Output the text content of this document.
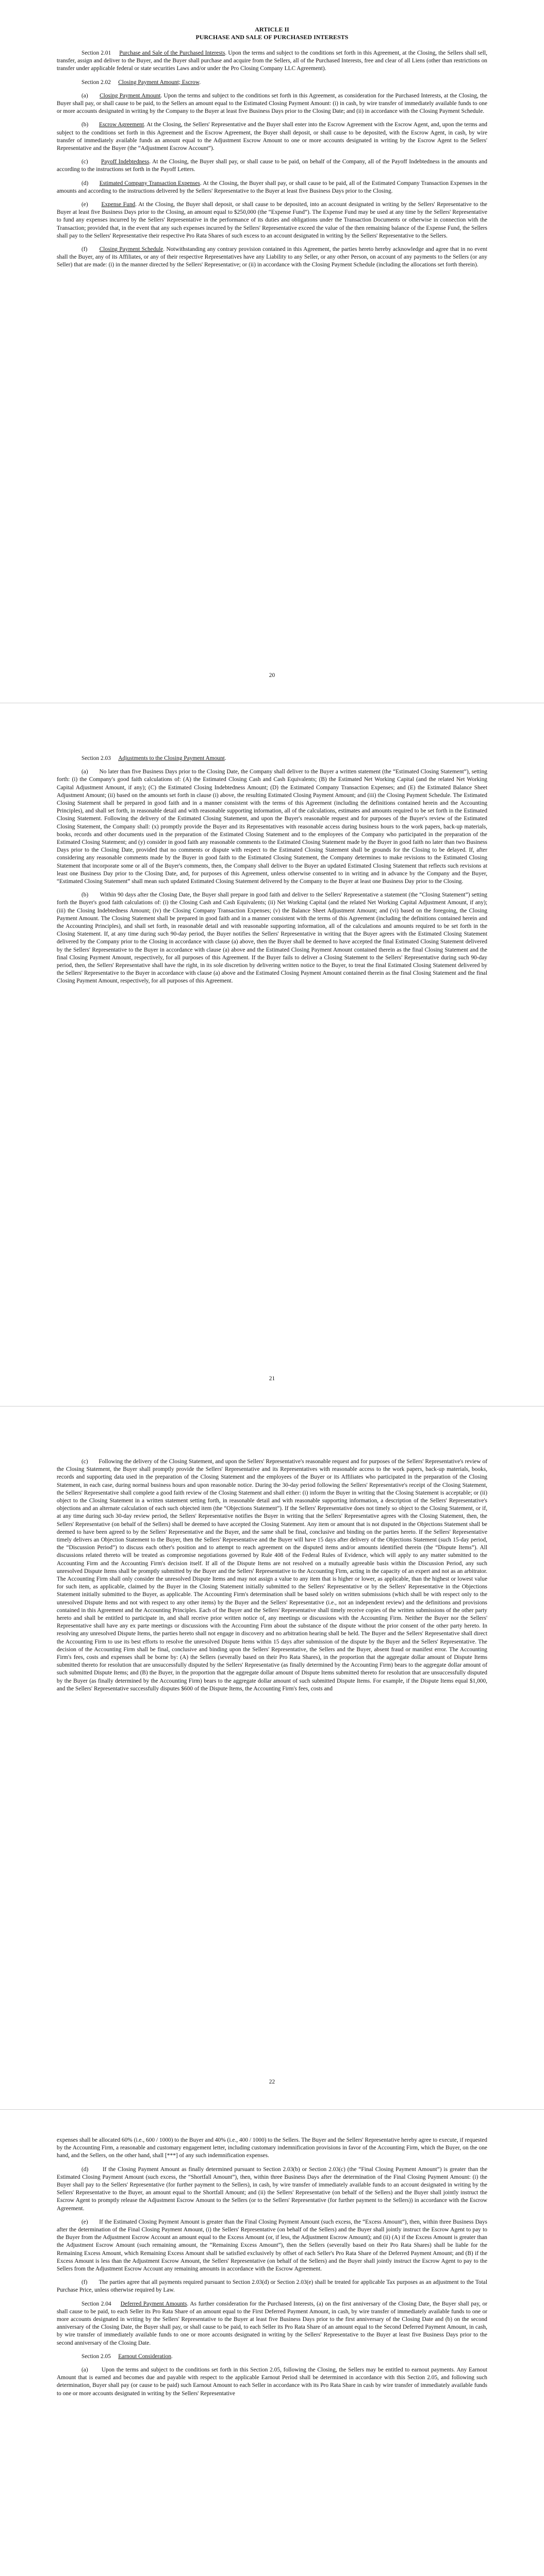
ARTICLE II
PURCHASE AND SALE OF PURCHASED INTERESTS

Section 2.01 Purchase and Sale of the Purchased Interests. Upon the terms and subject to the conditions set forth in this Agreement, at the Closing, the Sellers shall sell, transfer, assign and deliver to the Buyer, and the Buyer shall purchase and acquire from the Sellers, all of the Purchased Interests, free and clear of all Liens (other than restrictions on transfer under applicable federal or state securities Laws and/or under the Pro Closing Company LLC Agreement).

Section 2.02 Closing Payment Amount; Escrow.

(a) Closing Payment Amount. Upon the terms and subject to the conditions set forth in this Agreement, as consideration for the Purchased Interests, at the Closing, the Buyer shall pay, or shall cause to be paid, to the Sellers an amount equal to the Estimated Closing Payment Amount: (i) in cash, by wire transfer of immediately available funds to one or more accounts designated in writing by the Company to the Buyer at least five Business Days prior to the Closing Date; and (ii) in accordance with the Closing Payment Schedule.

(b) Escrow Agreement. At the Closing, the Sellers' Representative and the Buyer shall enter into the Escrow Agreement with the Escrow Agent, and, upon the terms and subject to the conditions set forth in this Agreement and the Escrow Agreement, the Buyer shall deposit, or shall cause to be deposited, with the Escrow Agent, in cash, by wire transfer of immediately available funds an amount equal to the Adjustment Escrow Amount to one or more accounts designated in writing by the Escrow Agent to the Sellers' Representative and the Buyer (the “Adjustment Escrow Account”).

(c) Payoff Indebtedness. At the Closing, the Buyer shall pay, or shall cause to be paid, on behalf of the Company, all of the Payoff Indebtedness in the amounts and according to the instructions set forth in the Payoff Letters.

(d) Estimated Company Transaction Expenses. At the Closing, the Buyer shall pay, or shall cause to be paid, all of the Estimated Company Transaction Expenses in the amounts and according to the instructions delivered by the Sellers' Representative to the Buyer at least five Business Days prior to the Closing.

(e) Expense Fund. At the Closing, the Buyer shall deposit, or shall cause to be deposited, into an account designated in writing by the Sellers' Representative to the Buyer at least five Business Days prior to the Closing, an amount equal to $250,000 (the “Expense Fund”). The Expense Fund may be used at any time by the Sellers' Representative to fund any expenses incurred by the Sellers' Representative in the performance of its duties and obligations under the Transaction Documents or otherwise in connection with the Transaction; provided that, in the event that any such expenses incurred by the Sellers' Representative exceed the value of the then remaining balance of the Expense Fund, the Sellers shall pay to the Sellers' Representative their respective Pro Rata Shares of such excess to an account designated in writing by the Sellers' Representative to the Sellers.

(f) Closing Payment Schedule. Notwithstanding any contrary provision contained in this Agreement, the parties hereto hereby acknowledge and agree that in no event shall the Buyer, any of its Affiliates, or any of their respective Representatives have any Liability to any Seller, or any other Person, on account of any payments to the Sellers (or any Seller) that are made: (i) in the manner directed by the Sellers' Representative; or (ii) in accordance with the Closing Payment Schedule (including the allocations set forth therein).

20

Section 2.03 Adjustments to the Closing Payment Amount.

(a) No later than five Business Days prior to the Closing Date, the Company shall deliver to the Buyer a written statement (the “Estimated Closing Statement”), setting forth: (i) the Company's good faith calculations of: (A) the Estimated Closing Cash and Cash Equivalents; (B) the Estimated Net Working Capital (and the related Net Working Capital Adjustment Amount, if any); (C) the Estimated Closing Indebtedness Amount; (D) the Estimated Company Transaction Expenses; and (E) the Estimated Balance Sheet Adjustment Amount; (ii) based on the amounts set forth in clause (i) above, the resulting Estimated Closing Payment Amount; and (iii) the Closing Payment Schedule. The Estimated Closing Statement shall be prepared in good faith and in a manner consistent with the terms of this Agreement (including the definitions contained herein and the Accounting Principles), and shall set forth, in reasonable detail and with reasonable supporting information, all of the calculations, estimates and amounts required to be set forth in the Estimated Closing Statement. Following the delivery of the Estimated Closing Statement, and upon the Buyer's reasonable request and for purposes of the Buyer's review of the Estimated Closing Statement, the Company shall: (x) promptly provide the Buyer and its Representatives with reasonable access during business hours to the work papers, back-up materials, books, records and other documents used in the preparation of the Estimated Closing Statement and to the employees of the Company who participated in the preparation of the Estimated Closing Statement; and (y) consider in good faith any reasonable comments to the Estimated Closing Statement made by the Buyer in good faith no later than two Business Days prior to the Closing Date, provided that no comments or dispute with respect to the Estimated Closing Statement shall be grounds for the Closing to be delayed. If, after considering any reasonable comments made by the Buyer in good faith to the Estimated Closing Statement, the Company determines to make revisions to the Estimated Closing Statement that incorporate some or all of the Buyer's comments, then, the Company shall deliver to the Buyer an updated Estimated Closing Statement that reflects such revisions at least one Business Day prior to the Closing Date, and, for purposes of this Agreement, unless otherwise consented to in writing and in advance by the Company and the Buyer, “Estimated Closing Statement” shall mean such updated Estimated Closing Statement delivered by the Company to the Buyer at least one Business Day prior to the Closing.

(b) Within 90 days after the Closing Date, the Buyer shall prepare in good faith and deliver to the Sellers' Representative a statement (the “Closing Statement”) setting forth the Buyer's good faith calculations of: (i) the Closing Cash and Cash Equivalents; (ii) Net Working Capital (and the related Net Working Capital Adjustment Amount, if any); (iii) the Closing Indebtedness Amount; (iv) the Closing Company Transaction Expenses; (v) the Balance Sheet Adjustment Amount; and (vi) based on the foregoing, the Closing Payment Amount. The Closing Statement shall be prepared in good faith and in a manner consistent with the terms of this Agreement (including the definitions contained herein and the Accounting Principles), and shall set forth, in reasonable detail and with reasonable supporting information, all of the calculations and amounts required to be set forth in the Closing Statement. If, at any time during such 90-day period, the Buyer notifies the Sellers' Representative in writing that the Buyer agrees with the Estimated Closing Statement delivered by the Company prior to the Closing in accordance with clause (a) above, then the Buyer shall be deemed to have accepted the final Estimated Closing Statement delivered by the Sellers' Representative to the Buyer in accordance with clause (a) above and the Estimated Closing Payment Amount contained therein as the final Closing Statement and the final Closing Payment Amount, respectively, for all purposes of this Agreement. If the Buyer fails to deliver a Closing Statement to the Sellers' Representative during such 90-day period, then, the Sellers' Representative shall have the right, in its sole discretion by delivering written notice to the Buyer, to treat the final Estimated Closing Statement delivered by the Sellers' Representative to the Buyer in accordance with clause (a) above and the Estimated Closing Payment Amount contained therein as the final Closing Statement and the final Closing Payment Amount, respectively, for all purposes of this Agreement.

21

(c) Following the delivery of the Closing Statement, and upon the Sellers' Representative's reasonable request and for purposes of the Sellers' Representative's review of the Closing Statement, the Buyer shall promptly provide the Sellers' Representative and its Representatives with reasonable access to the work papers, back-up materials, books, records and supporting data used in the preparation of the Closing Statement and the employees of the Buyer or its Affiliates who participated in the preparation of the Closing Statement, in each case, during normal business hours and upon reasonable notice. During the 30-day period following the Sellers' Representative's receipt of the Closing Statement, the Sellers' Representative shall complete a good faith review of the Closing Statement and shall either: (i) inform the Buyer in writing that the Closing Statement is acceptable; or (ii) object to the Closing Statement in a written statement setting forth, in reasonable detail and with reasonable supporting information, a description of the Sellers' Representative's objections and an alternate calculation of each such objected item (the “Objections Statement”). If the Sellers' Representative does not timely so object to the Closing Statement, or if, at any time during such 30-day review period, the Sellers' Representative notifies the Buyer in writing that the Sellers' Representative agrees with the Closing Statement, then, the Sellers' Representative (on behalf of the Sellers) shall be deemed to have accepted the Closing Statement. Any item or amount that is not disputed in the Objections Statement shall be deemed to have been agreed to by the Sellers' Representative and the Buyer, and the same shall be final, conclusive and binding on the parties hereto. If the Sellers' Representative timely delivers an Objection Statement to the Buyer, then the Sellers' Representative and the Buyer will have 15 days after delivery of the Objections Statement (such 15-day period, the “Discussion Period”) to discuss each other's position and to attempt to reach agreement on the disputed items and/or amounts identified therein (the “Dispute Items”). All discussions related thereto will be treated as compromise negotiations governed by Rule 408 of the Federal Rules of Evidence, which will apply to any matter submitted to the Accounting Firm and the Accounting Firm's decision itself. If all of the Dispute Items are not resolved on a mutually agreeable basis within the Discussion Period, any such unresolved Dispute Items shall be promptly submitted by the Buyer and the Sellers' Representative to the Accounting Firm, acting in the capacity of an expert and not as an arbitrator. The Accounting Firm shall only consider the unresolved Dispute Items and may not assign a value to any item that is higher or lower, as applicable, than the highest or lowest value for such item, as applicable, claimed by the Buyer in the Closing Statement initially submitted to the Sellers' Representative or by the Sellers' Representative in the Objections Statement initially submitted to the Buyer, as applicable. The Accounting Firm's determination shall be based solely on written submissions (which shall be with respect only to the unresolved Dispute Items and not with respect to any other items) by the Buyer and the Sellers' Representative (i.e., not an independent review) and the definitions and provisions contained in this Agreement and the Accounting Principles. Each of the Buyer and the Sellers' Representative shall timely receive copies of the written submissions of the other party hereto and shall be entitled to participate in, and shall receive prior written notice of, any meetings or discussions with the Accounting Firm. Neither the Buyer nor the Sellers' Representative shall have any ex parte meetings or discussions with the Accounting Firm about the substance of the dispute without the prior consent of the other party hereto. In resolving any unresolved Dispute Items, the parties hereto shall not engage in discovery and no arbitration hearing shall be held. The Buyer and the Sellers' Representative shall direct the Accounting Firm to use its best efforts to resolve the unresolved Dispute Items within 15 days after submission of the dispute by the Buyer and the Sellers' Representative. The decision of the Accounting Firm shall be final, conclusive and binding upon the Sellers' Representative, the Sellers and the Buyer, absent fraud or manifest error. The Accounting Firm's fees, costs and expenses shall be borne by: (A) the Sellers (severally based on their Pro Rata Shares), in the proportion that the aggregate dollar amount of Dispute Items submitted thereto for resolution that are unsuccessfully disputed by the Sellers' Representative (as finally determined by the Accounting Firm) bears to the aggregate dollar amount of such submitted Dispute Items; and (B) the Buyer, in the proportion that the aggregate dollar amount of Dispute Items submitted thereto for resolution that are unsuccessfully disputed by the Buyer (as finally determined by the Accounting Firm) bears to the aggregate dollar amount of such submitted Dispute Items. For example, if the Dispute Items equal $1,000, and the Sellers' Representative successfully disputes $600 of the Dispute Items, the Accounting Firm's fees, costs and

22

expenses shall be allocated 60% (i.e., 600 / 1000) to the Buyer and 40% (i.e., 400 / 1000) to the Sellers. The Buyer and the Sellers' Representative hereby agree to execute, if requested by the Accounting Firm, a reasonable and customary engagement letter, including customary indemnification provisions in favor of the Accounting Firm, which the Buyer, on the one hand, and the Sellers, on the other hand, shall [***] of any such indemnification expenses.

(d) If the Closing Payment Amount as finally determined pursuant to Section 2.03(b) or Section 2.03(c) (the “Final Closing Payment Amount”) is greater than the Estimated Closing Payment Amount (such excess, the “Shortfall Amount”), then, within three Business Days after the determination of the Final Closing Payment Amount: (i) the Buyer shall pay to the Sellers' Representative (for further payment to the Sellers), in cash, by wire transfer of immediately available funds to an account designated in writing by the Sellers' Representative to the Buyer, an amount equal to the Shortfall Amount; and (ii) the Sellers' Representative (on behalf of the Sellers) and the Buyer shall jointly instruct the Escrow Agent to promptly release the Adjustment Escrow Amount to the Sellers (or to the Sellers' Representative (for further payment to the Sellers)) in accordance with the Escrow Agreement.

(e) If the Estimated Closing Payment Amount is greater than the Final Closing Payment Amount (such excess, the “Excess Amount”), then, within three Business Days after the determination of the Final Closing Payment Amount, (i) the Sellers' Representative (on behalf of the Sellers) and the Buyer shall jointly instruct the Escrow Agent to pay to the Buyer from the Adjustment Escrow Account an amount equal to the Excess Amount (or, if less, the Adjustment Escrow Amount); and (ii) (A) if the Excess Amount is greater than the Adjustment Escrow Amount (such remaining amount, the “Remaining Excess Amount”), then the Sellers (severally based on their Pro Rata Shares) shall be liable for the Remaining Excess Amount, which Remaining Excess Amount shall be satisfied exclusively by offset of each Seller's Pro Rata Share of the Deferred Payment Amount; and (B) if the Excess Amount is less than the Adjustment Escrow Amount, the Sellers' Representative (on behalf of the Sellers) and the Buyer shall jointly instruct the Escrow Agent to pay to the Sellers from the Adjustment Escrow Account any remaining amounts in accordance with the Escrow Agreement.

(f) The parties agree that all payments required pursuant to Section 2.03(d) or Section 2.03(e) shall be treated for applicable Tax purposes as an adjustment to the Total Purchase Price, unless otherwise required by Law.

Section 2.04 Deferred Payment Amounts. As further consideration for the Purchased Interests, (a) on the first anniversary of the Closing Date, the Buyer shall pay, or shall cause to be paid, to each Seller its Pro Rata Share of an amount equal to the First Deferred Payment Amount, in cash, by wire transfer of immediately available funds to one or more accounts designated in writing by the Sellers' Representative to the Buyer at least five Business Days prior to the first anniversary of the Closing Date and (b) on the second anniversary of the Closing Date, the Buyer shall pay, or shall cause to be paid, to each Seller its Pro Rata Share of an amount equal to the Second Deferred Payment Amount, in cash, by wire transfer of immediately available funds to one or more accounts designated in writing by the Sellers' Representative to the Buyer at least five Business Days prior to the second anniversary of the Closing Date.

Section 2.05 Earnout Consideration.

(a) Upon the terms and subject to the conditions set forth in this Section 2.05, following the Closing, the Sellers may be entitled to earnout payments. Any Earnout Amount that is earned and becomes due and payable with respect to the applicable Earnout Period shall be determined in accordance with this Section 2.05, and following such determination, Buyer shall pay (or cause to be paid) such Earnout Amount to each Seller in accordance with its Pro Rata Share in cash by wire transfer of immediately available funds to one or more accounts designated in writing by the Sellers' Representative
